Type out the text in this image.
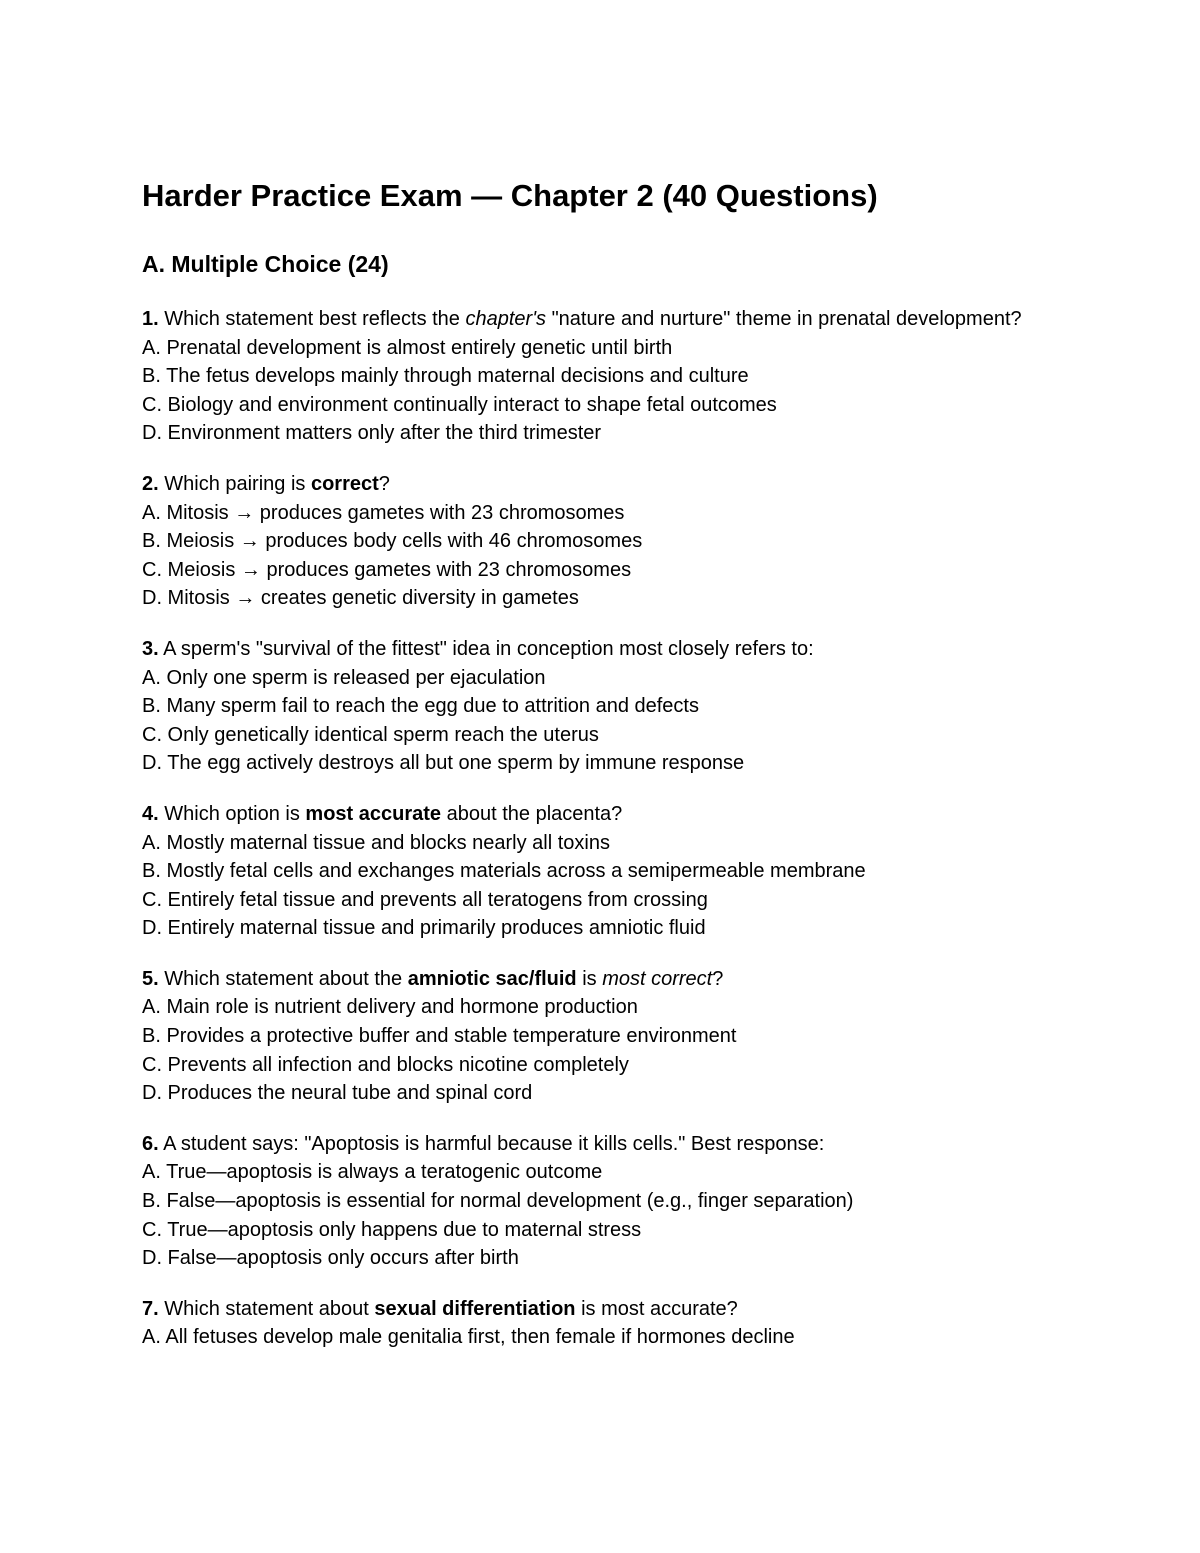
Harder Practice Exam — Chapter 2 (40 Questions)
A. Multiple Choice (24)

1. Which statement best reflects the chapter's "nature and nurture" theme in prenatal development?

A. Prenatal development is almost entirely genetic until birth

B. The fetus develops mainly through maternal decisions and culture

C. Biology and environment continually interact to shape fetal outcomes

D. Environment matters only after the third trimester

2. Which pairing is correct?

A. Mitosis → produces gametes with 23 chromosomes

B. Meiosis → produces body cells with 46 chromosomes

C. Meiosis → produces gametes with 23 chromosomes

D. Mitosis → creates genetic diversity in gametes

3. A sperm's "survival of the fittest" idea in conception most closely refers to:

A. Only one sperm is released per ejaculation

B. Many sperm fail to reach the egg due to attrition and defects

C. Only genetically identical sperm reach the uterus

D. The egg actively destroys all but one sperm by immune response

4. Which option is most accurate about the placenta?

A. Mostly maternal tissue and blocks nearly all toxins

B. Mostly fetal cells and exchanges materials across a semipermeable membrane

C. Entirely fetal tissue and prevents all teratogens from crossing

D. Entirely maternal tissue and primarily produces amniotic fluid

5. Which statement about the amniotic sac/fluid is most correct?

A. Main role is nutrient delivery and hormone production

B. Provides a protective buffer and stable temperature environment

C. Prevents all infection and blocks nicotine completely

D. Produces the neural tube and spinal cord

6. A student says: "Apoptosis is harmful because it kills cells." Best response:

A. True—apoptosis is always a teratogenic outcome

B. False—apoptosis is essential for normal development (e.g., finger separation)

C. True—apoptosis only happens due to maternal stress

D. False—apoptosis only occurs after birth

7. Which statement about sexual differentiation is most accurate?

A. All fetuses develop male genitalia first, then female if hormones decline
